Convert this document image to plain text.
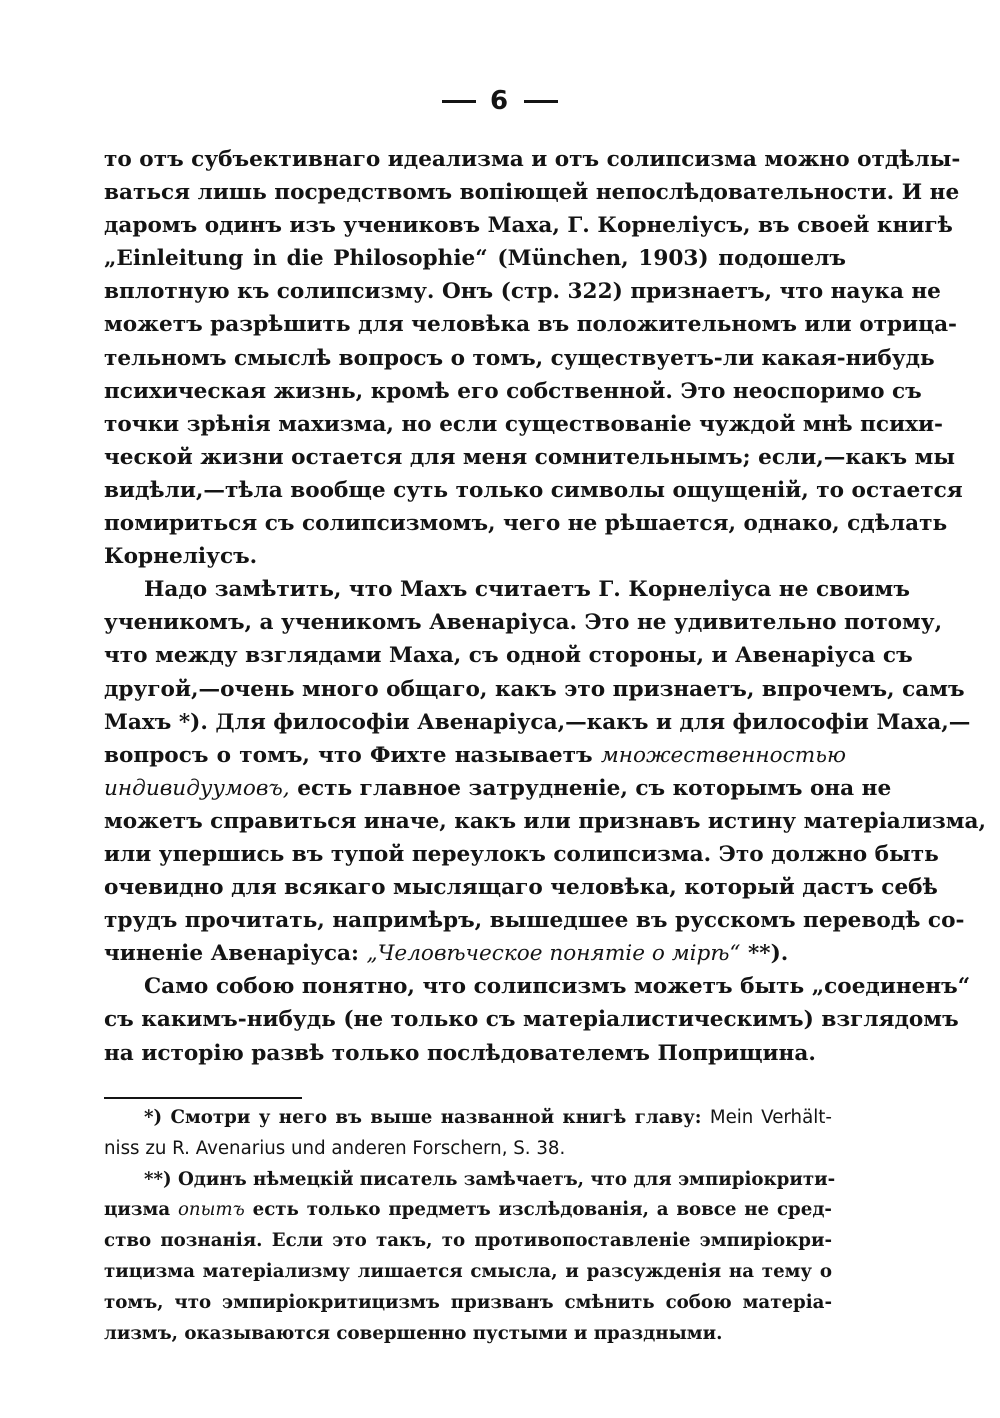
6
то отъ субъективнаго идеализма и отъ солипсизма можно отдѣлы-
ваться лишь посредствомъ вопіющей непослѣдовательности. И не
даромъ одинъ изъ учениковъ Маха, Г. Корнеліусъ, въ своей книгѣ
„Einleitung in die Philosophie“ (München, 1903) подошелъ
вплотную къ солипсизму. Онъ (стр. 322) признаетъ, что наука не
можетъ разрѣшить для человѣка въ положительномъ или отрица-
тельномъ смыслѣ вопросъ о томъ, существуетъ-ли какая-нибудь
психическая жизнь, кромѣ его собственной. Это неоспоримо съ
точки зрѣнія махизма, но если существованіе чуждой мнѣ психи-
ческой жизни остается для меня сомнительнымъ; если,—какъ мы
видѣли,—тѣла вообще суть только символы ощущеній, то остается
помириться съ солипсизмомъ, чего не рѣшается, однако, сдѣлать
Корнеліусъ.
Надо замѣтить, что Махъ считаетъ Г. Корнеліуса не своимъ
ученикомъ, а ученикомъ Авенаріуса. Это не удивительно потому,
что между взглядами Маха, съ одной стороны, и Авенаріуса съ
другой,—очень много общаго, какъ это признаетъ, впрочемъ, самъ
Махъ *). Для философіи Авенаріуса,—какъ и для философіи Маха,—
вопросъ о томъ, что Фихте называетъ множественностью
индивидуумовъ, есть главное затрудненіе, съ которымъ она не
можетъ справиться иначе, какъ или признавъ истину матеріализма,
или упершись въ тупой переулокъ солипсизма. Это должно быть
очевидно для всякаго мыслящаго человѣка, который дастъ себѣ
трудъ прочитать, напримѣръ, вышедшее въ русскомъ переводѣ со-
чиненіе Авенаріуса: „Человѣческое понятіе о мірѣ“ **).
Само собою понятно, что солипсизмъ можетъ быть „соединенъ“
съ какимъ-нибудь (не только съ матеріалистическимъ) взглядомъ
на исторію развѣ только послѣдователемъ Поприщина.
*) Смотри у него въ выше названной книгѣ главу: Mein Verhält-
niss zu R. Avenarius und anderen Forschern, S. 38.
**) Одинъ нѣмецкій писатель замѣчаетъ, что для эмпиріокрити-
цизма опытъ есть только предметъ изслѣдованія, а вовсе не сред-
ство познанія. Если это такъ, то противопоставленіе эмпиріокри-
тицизма матеріализму лишается смысла, и разсужденія на тему о
томъ, что эмпиріокритицизмъ призванъ смѣнить собою матеріа-
лизмъ, оказываются совершенно пустыми и праздными.
